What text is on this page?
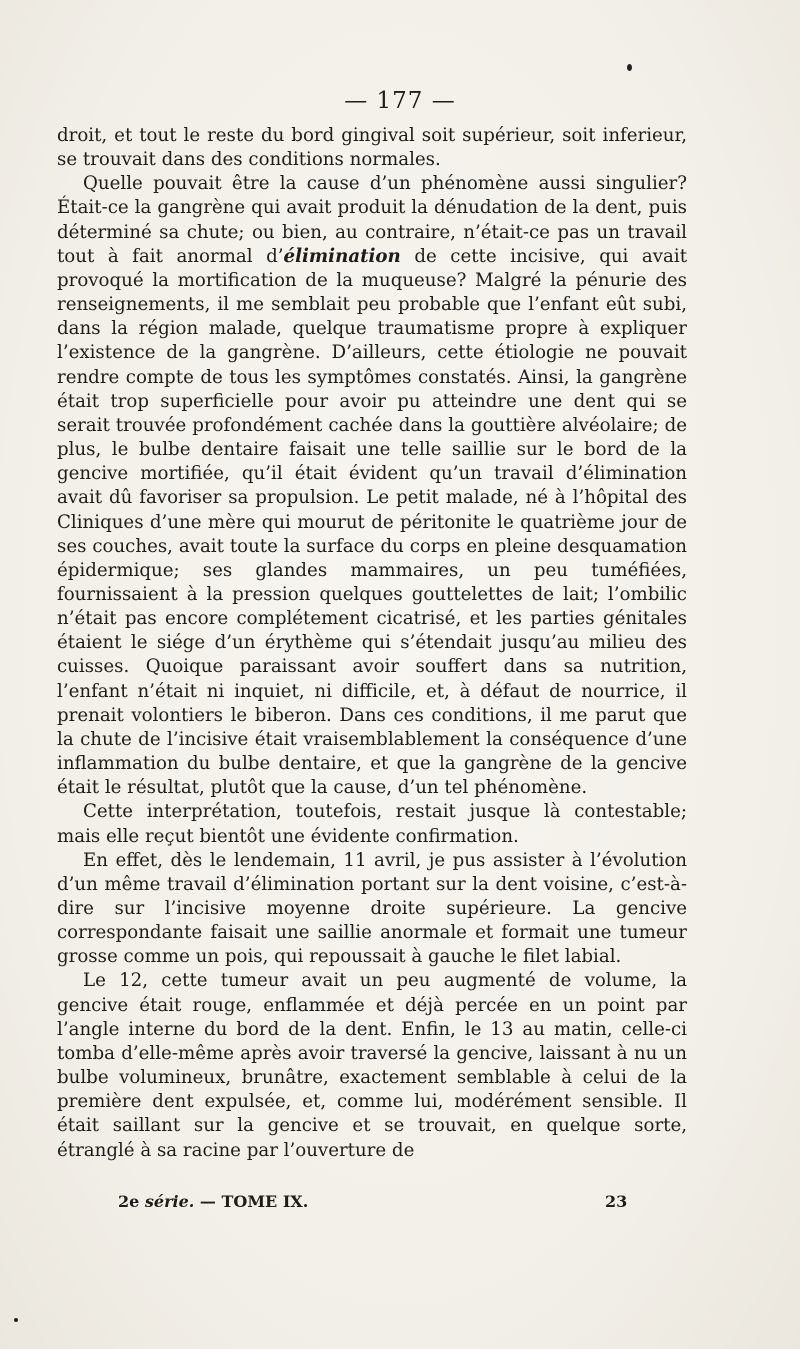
— 177 —

droit, et tout le reste du bord gingival soit supérieur, soit inferieur, se trouvait dans des conditions normales.

Quelle pouvait être la cause d’un phénomène aussi singulier? Était-ce la gangrène qui avait produit la dénudation de la dent, puis déterminé sa chute; ou bien, au contraire, n’était-ce pas un travail tout à fait anormal d’élimination de cette incisive, qui avait provoqué la mortification de la muqueuse? Malgré la pénurie des renseignements, il me semblait peu probable que l’enfant eût subi, dans la région malade, quelque traumatisme propre à expliquer l’existence de la gangrène. D’ailleurs, cette étiologie ne pouvait rendre compte de tous les symptômes constatés. Ainsi, la gangrène était trop superficielle pour avoir pu atteindre une dent qui se serait trouvée profondément cachée dans la gouttière alvéolaire; de plus, le bulbe dentaire faisait une telle saillie sur le bord de la gencive mortifiée, qu’il était évident qu’un travail d’élimination avait dû favoriser sa propulsion. Le petit malade, né à l’hôpital des Cliniques d’une mère qui mourut de péritonite le quatrième jour de ses couches, avait toute la surface du corps en pleine desquamation épidermique; ses glandes mammaires, un peu tuméfiées, fournissaient à la pression quelques gouttelettes de lait; l’ombilic n’était pas encore complétement cicatrisé, et les parties génitales étaient le siége d’un érythème qui s’étendait jusqu’au milieu des cuisses. Quoique paraissant avoir souffert dans sa nutrition, l’enfant n’était ni inquiet, ni difficile, et, à défaut de nourrice, il prenait volontiers le biberon. Dans ces conditions, il me parut que la chute de l’incisive était vraisemblablement la conséquence d’une inflammation du bulbe dentaire, et que la gangrène de la gencive était le résultat, plutôt que la cause, d’un tel phénomène.

Cette interprétation, toutefois, restait jusque là contestable; mais elle reçut bientôt une évidente confirmation.

En effet, dès le lendemain, 11 avril, je pus assister à l’évolution d’un même travail d’élimination portant sur la dent voisine, c’est-à-dire sur l’incisive moyenne droite supérieure. La gencive correspondante faisait une saillie anormale et formait une tumeur grosse comme un pois, qui repoussait à gauche le filet labial.

Le 12, cette tumeur avait un peu augmenté de volume, la gencive était rouge, enflammée et déjà percée en un point par l’angle interne du bord de la dent. Enfin, le 13 au matin, celle-ci tomba d’elle-même après avoir traversé la gencive, laissant à nu un bulbe volumineux, brunâtre, exactement semblable à celui de la première dent expulsée, et, comme lui, modérément sensible. Il était saillant sur la gencive et se trouvait, en quelque sorte, étranglé à sa racine par l’ouverture de

2e série. — TOME IX.	23
